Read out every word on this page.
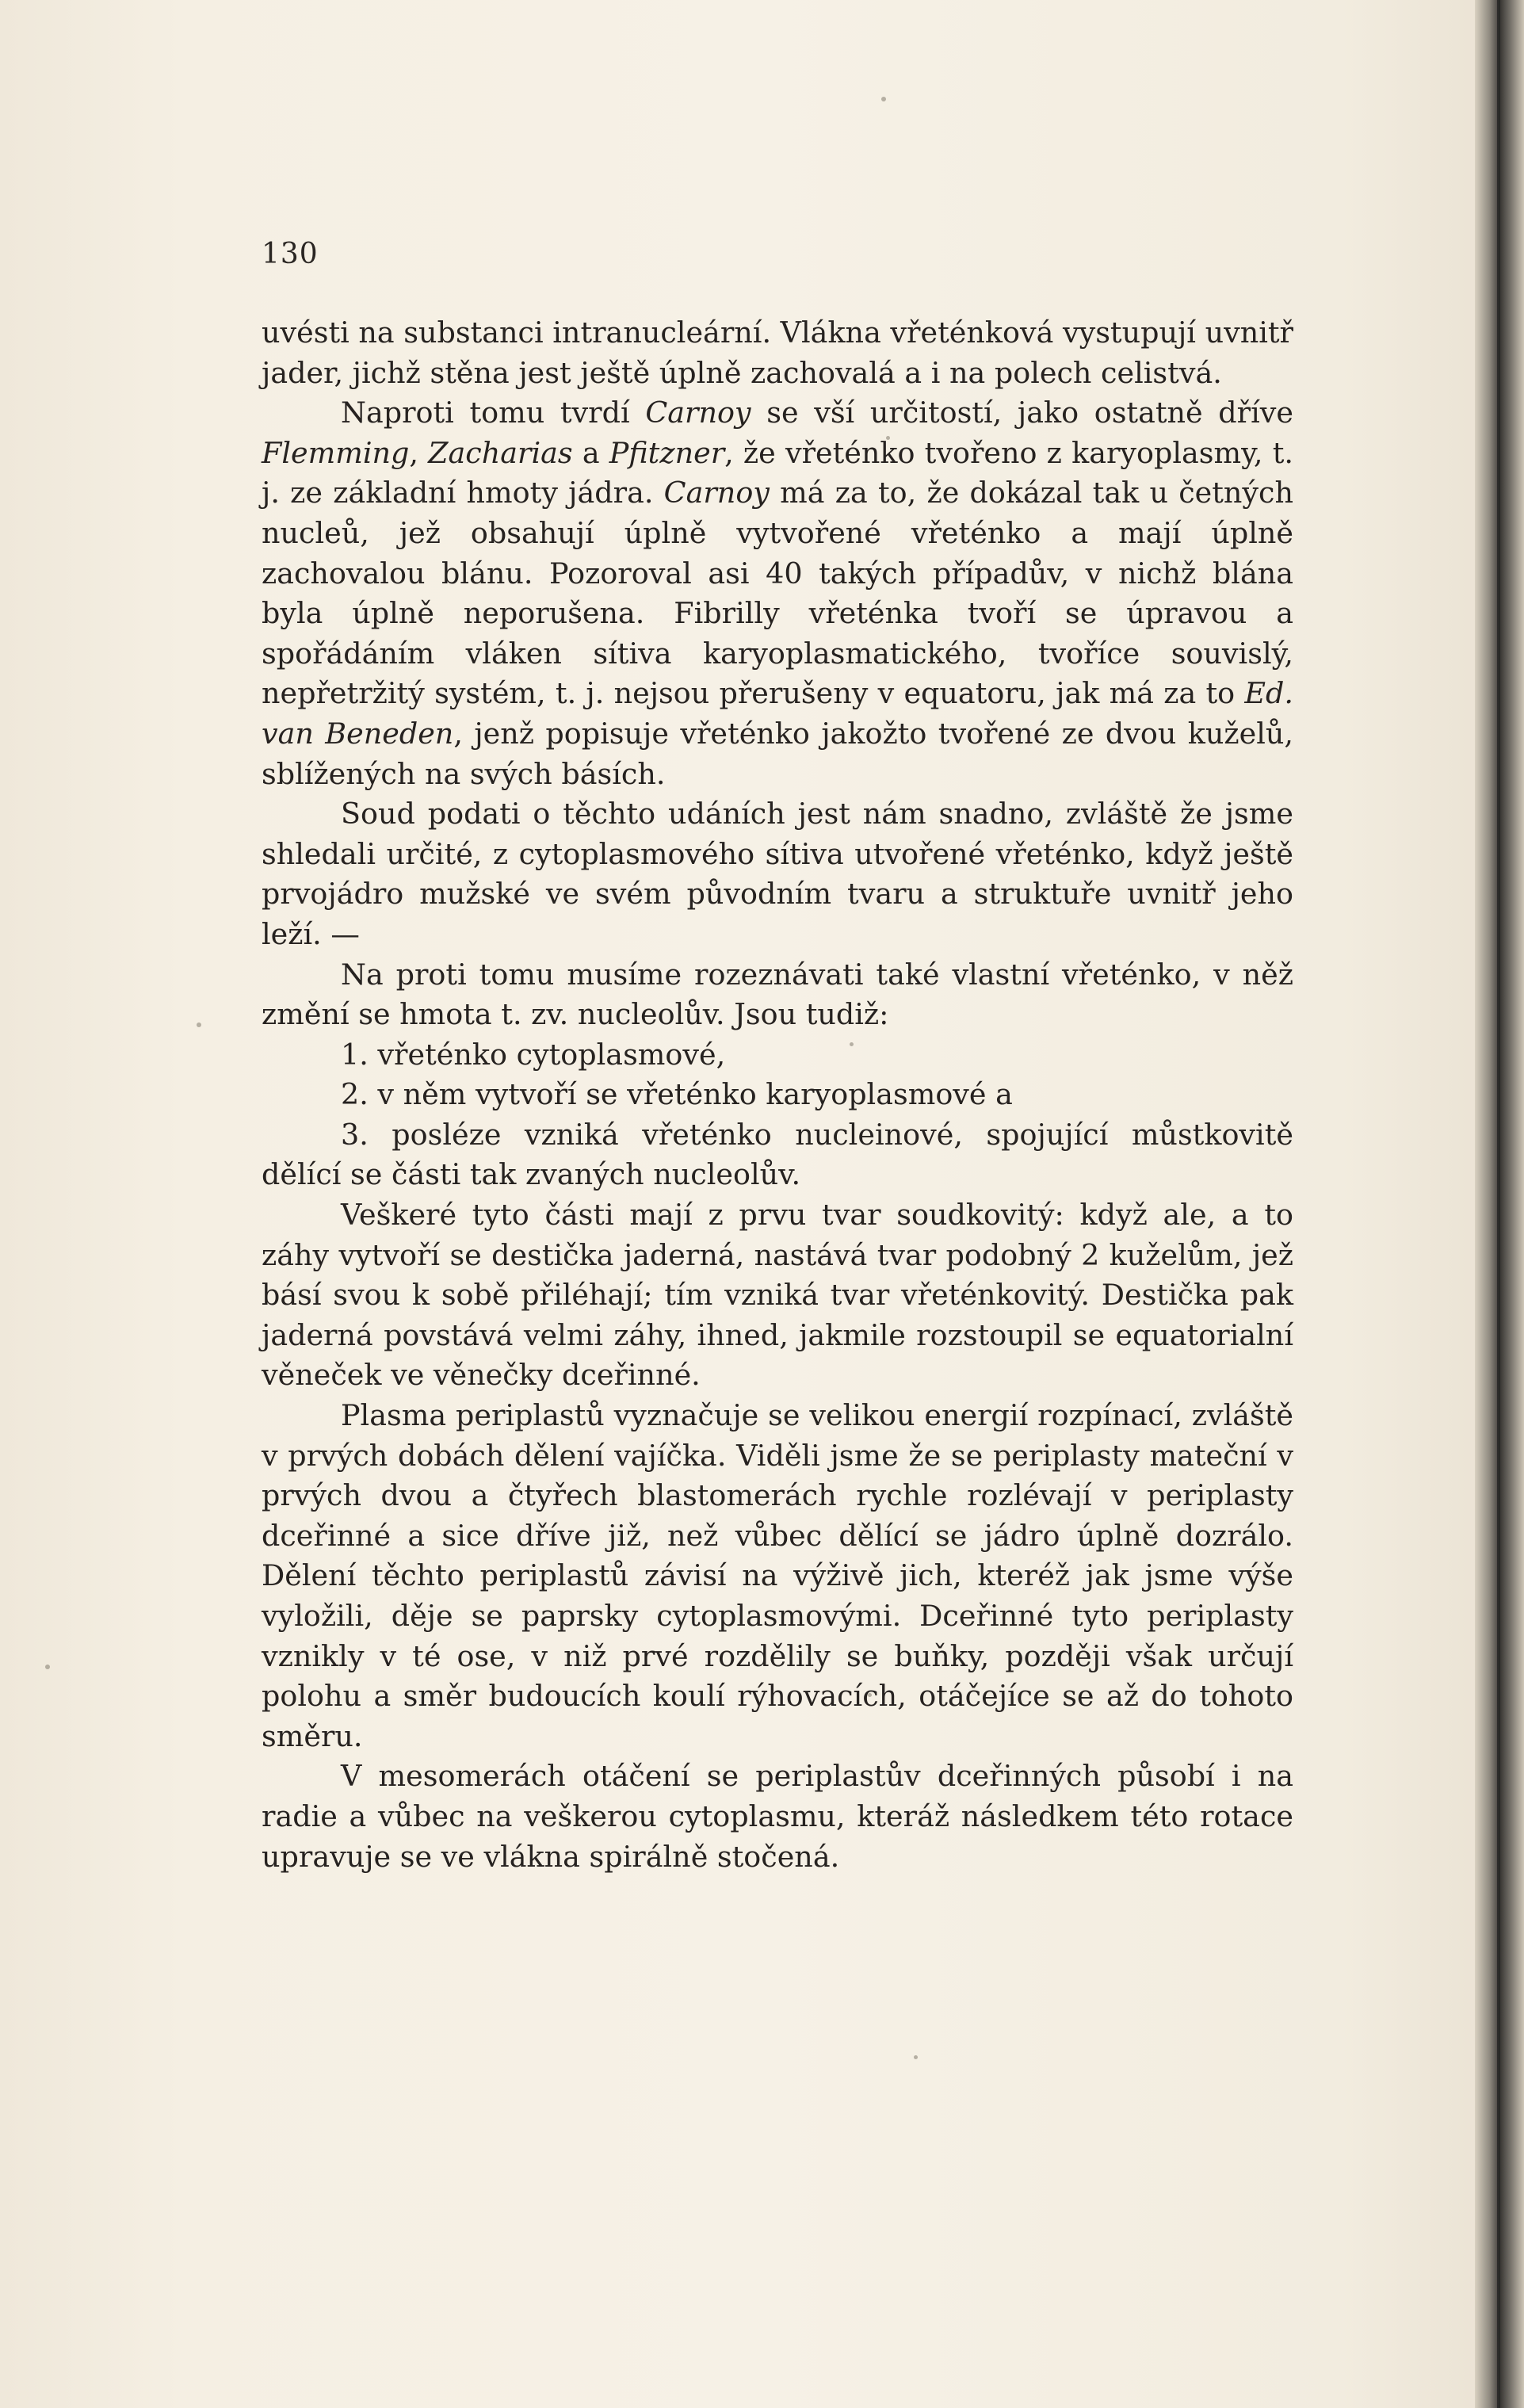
130

uvésti na substanci intranucleární. Vlákna vřeténková vystupují uvnitř jader, jichž stěna jest ještě úplně zachovalá a i na polech celistvá.

Naproti tomu tvrdí Carnoy se vší určitostí, jako ostatně dříve Flemming, Zacharias a Pfitzner, že vřeténko tvořeno z karyoplasmy, t. j. ze základní hmoty jádra. Carnoy má za to, že dokázal tak u četných nucleů, jež obsahují úplně vytvořené vřeténko a mají úplně zachovalou blánu. Pozoroval asi 40 takých případův, v nichž blána byla úplně neporušena. Fibrilly vřeténka tvoří se úpravou a spořádáním vláken sítiva karyoplasmatického, tvoříce souvislý, nepřetržitý systém, t. j. nejsou přerušeny v equatoru, jak má za to Ed. van Beneden, jenž popisuje vřeténko jakožto tvořené ze dvou kuželů, sblížených na svých básích.

Soud podati o těchto udáních jest nám snadno, zvláště že jsme shledali určité, z cytoplasmového sítiva utvořené vřeténko, když ještě prvojádro mužské ve svém původním tvaru a struktuře uvnitř jeho leží. —

Na proti tomu musíme rozeznávati také vlastní vřeténko, v něž změní se hmota t. zv. nucleolův. Jsou tudiž:

1. vřeténko cytoplasmové,

2. v něm vytvoří se vřeténko karyoplasmové a

3. posléze vzniká vřeténko nucleinové, spojující můstkovitě dělící se části tak zvaných nucleolův.

Veškeré tyto části mají z prvu tvar soudkovitý: když ale, a to záhy vytvoří se destička jaderná, nastává tvar podobný 2 kuželům, jež básí svou k sobě přiléhají; tím vzniká tvar vřeténkovitý. Destička pak jaderná povstává velmi záhy, ihned, jakmile rozstoupil se equatorialní věneček ve věnečky dceřinné.

Plasma periplastů vyznačuje se velikou energií rozpínací, zvláště v prvých dobách dělení vajíčka. Viděli jsme že se periplasty mateční v prvých dvou a čtyřech blastomerách rychle rozlévají v periplasty dceřinné a sice dříve již, než vůbec dělící se jádro úplně dozrálo. Dělení těchto periplastů závisí na výživě jich, kteréž jak jsme výše vyložili, děje se paprsky cytoplasmovými. Dceřinné tyto periplasty vznikly v té ose, v niž prvé rozdělily se buňky, později však určují polohu a směr budoucích koulí rýhovacích, otáčejíce se až do tohoto směru.

V mesomerách otáčení se periplastův dceřinných působí i na radie a vůbec na veškerou cytoplasmu, kteráž následkem této rotace upravuje se ve vlákna spirálně stočená.
